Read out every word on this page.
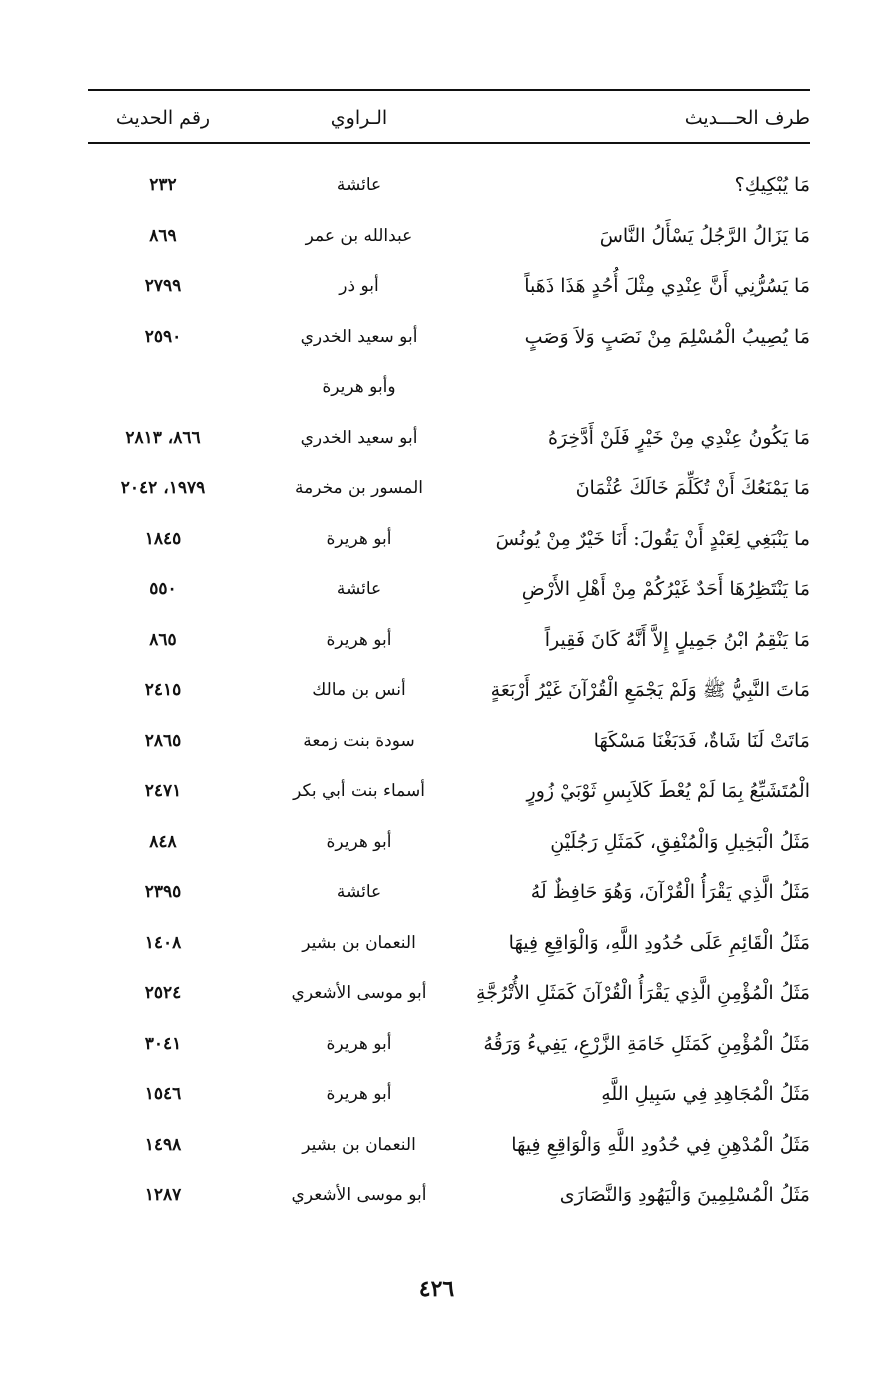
طرف الحـــديث
الـراوي
رقم الحديث
مَا يُبْكِيكِ؟
عائشة
٢٣٢
مَا يَزَالُ الرَّجُلُ يَسْأَلُ النَّاسَ
عبدالله بن عمر
٨٦٩
مَا يَسُرُّنِي أَنَّ عِنْدِي مِثْلَ أُحُدٍ هَذَا ذَهَباً
أبو ذر
٢٧٩٩
مَا يُصِيبُ الْمُسْلِمَ مِنْ نَصَبٍ وَلاَ وَصَبٍ
أبو سعيد الخدري
٢٥٩٠
وأبو هريرة
مَا يَكُونُ عِنْدِي مِنْ خَيْرٍ فَلَنْ أَدَّخِرَهُ
أبو سعيد الخدري
٨٦٦، ٢٨١٣
مَا يَمْنَعُكَ أَنْ تُكَلِّمَ خَالَكَ عُثْمَانَ
المسور بن مخرمة
١٩٧٩، ٢٠٤٢
ما يَنْبَغِي لِعَبْدٍ أَنْ يَقُولَ: أَنَا خَيْرٌ مِنْ يُونُسَ
أبو هريرة
١٨٤٥
مَا يَنْتَظِرُهَا أَحَدٌ غَيْرُكُمْ مِنْ أَهْلِ الأَرْضِ
عائشة
٥٥٠
مَا يَنْقِمُ ابْنُ جَمِيلٍ إِلاَّ أَنَّهُ كَانَ فَقِيراً
أبو هريرة
٨٦٥
مَاتَ النَّبِيُّ ﷺ وَلَمْ يَجْمَعِ الْقُرْآنَ غَيْرُ أَرْبَعَةٍ
أنس بن مالك
٢٤١٥
مَاتَتْ لَنَا شَاةٌ، فَدَبَغْنَا مَسْكَهَا
سودة بنت زمعة
٢٨٦٥
الْمُتَشَبِّعُ بِمَا لَمْ يُعْطَ كَلاَبِسِ ثَوْبَيْ زُورٍ
أسماء بنت أبي بكر
٢٤٧١
مَثَلُ الْبَخِيلِ وَالْمُنْفِقِ، كَمَثَلِ رَجُلَيْنِ
أبو هريرة
٨٤٨
مَثَلُ الَّذِي يَقْرَأُ الْقُرْآنَ، وَهُوَ حَافِظٌ لَهُ
عائشة
٢٣٩٥
مَثَلُ الْقَائِمِ عَلَى حُدُودِ اللَّهِ، وَالْوَاقِعِ فِيهَا
النعمان بن بشير
١٤٠٨
مَثَلُ الْمُؤْمِنِ الَّذِي يَقْرَأُ الْقُرْآنَ كَمَثَلِ الأُتْرُجَّةِ
أبو موسى الأشعري
٢٥٢٤
مَثَلُ الْمُؤْمِنِ كَمَثَلِ خَامَةِ الزَّرْعِ، يَفِيءُ وَرَقُهُ
أبو هريرة
٣٠٤١
مَثَلُ الْمُجَاهِدِ فِي سَبِيلِ اللَّهِ
أبو هريرة
١٥٤٦
مَثَلُ الْمُدْهِنِ فِي حُدُودِ اللَّهِ وَالْوَاقِعِ فِيهَا
النعمان بن بشير
١٤٩٨
مَثَلُ الْمُسْلِمِينَ وَالْيَهُودِ وَالنَّصَارَى
أبو موسى الأشعري
١٢٨٧
٤٢٦
